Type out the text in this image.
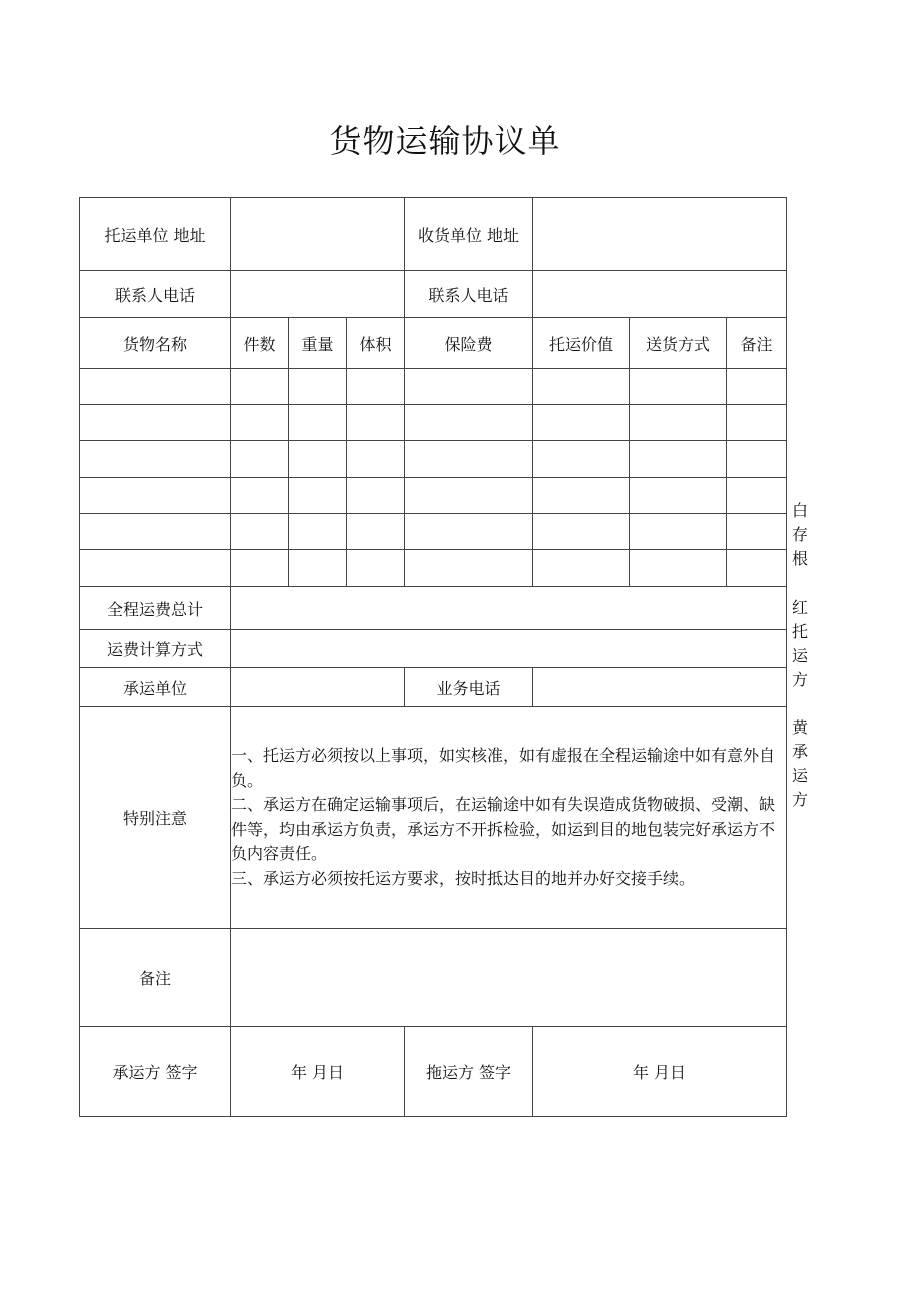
货物运输协议单
托运单位 地址				收货单位 地址			
联系人电话				联系人电话			
货物名称	件数	重量	体积	保险费	托运价值	送货方式	备注

全程运费总计							
运费计算方式							
承运单位				业务电话			
特别注意	一、托运方必须按以上事项，如实核准，如有虚报在全程运输途中如有意外自负。

二、承运方在确定运输事项后，在运输途中如有失误造成货物破损、受潮、缺件等，均由承运方负责，承运方不开拆检验，如运到目的地包装完好承运方不负内容责任。

三、承运方必须按托运方要求，按时抵达目的地并办好交接手续。						

备注							
承运方 签字	年 月日			拖运方 签字	年 月日		
白
存
根
红
托
运
方
黄
承
运
方
